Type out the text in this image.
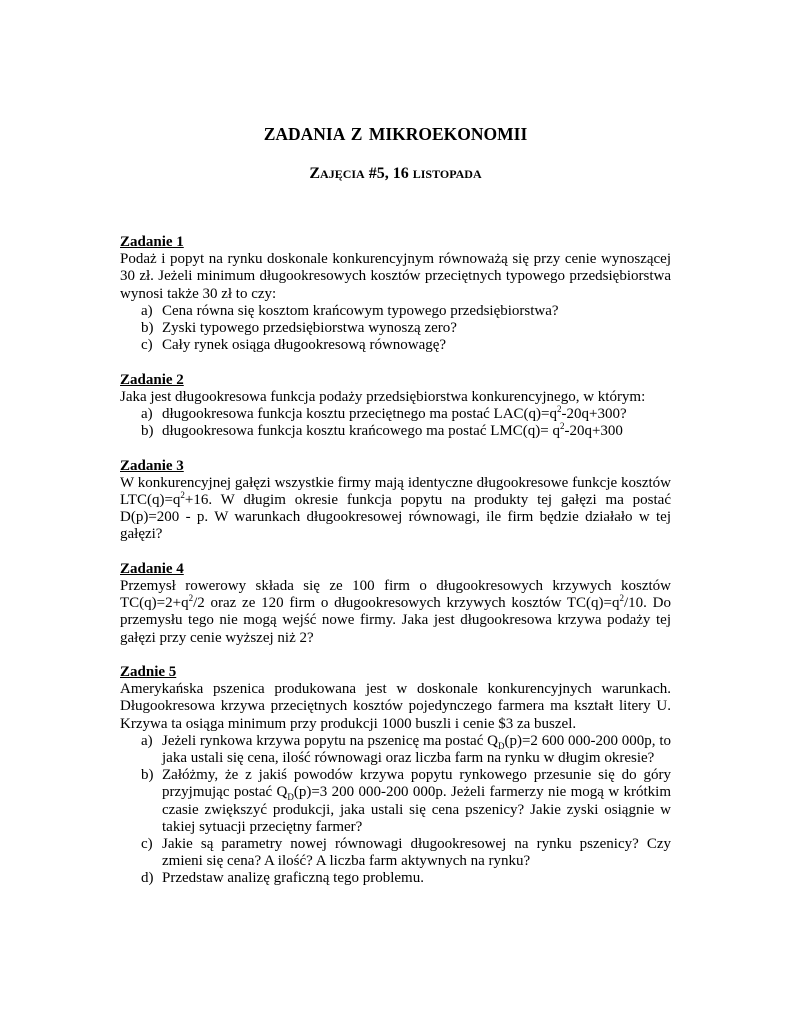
ZADANIA Z MIKROEKONOMII
ZAJĘCIA #5, 16 LISTOPADA
Zadanie 1
Podaż i popyt na rynku doskonale konkurencyjnym równoważą się przy cenie wynoszącej 30 zł. Jeżeli minimum długookresowych kosztów przeciętnych typowego przedsiębiorstwa wynosi także 30 zł to czy:
a) Cena równa się kosztom krańcowym typowego przedsiębiorstwa?
b) Zyski typowego przedsiębiorstwa wynoszą zero?
c) Cały rynek osiąga długookresową równowagę?
Zadanie 2
Jaka jest długookresowa funkcja podaży przedsiębiorstwa konkurencyjnego, w którym:
a) długookresowa funkcja kosztu przeciętnego ma postać $LAC(q)=q^2-20q+300$?
b) długookresowa funkcja kosztu krańcowego ma postać $LMC(q)= q^2-20q+300$
Zadanie 3
W konkurencyjnej gałęzi wszystkie firmy mają identyczne długookresowe funkcje kosztów $LTC(q)=q^2+16$. W długim okresie funkcja popytu na produkty tej gałęzi ma postać D(p)=200 - p. W warunkach długookresowej równowagi, ile firm będzie działało w tej gałęzi?
Zadanie 4
Przemysł rowerowy składa się ze 100 firm o długookresowych krzywych kosztów $TC(q)=2+q^2/2$ oraz ze 120 firm o długookresowych krzywych kosztów $TC(q)=q^2/10$. Do przemysłu tego nie mogą wejść nowe firmy. Jaka jest długookresowa krzywa podaży tej gałęzi przy cenie wyższej niż 2?
Zadnie 5
Amerykańska pszenica produkowana jest w doskonale konkurencyjnych warunkach. Długookresowa krzywa przeciętnych kosztów pojedynczego farmera ma kształt litery U. Krzywa ta osiąga minimum przy produkcji 1000 buszli i cenie $3 za buszel.
a) Jeżeli rynkowa krzywa popytu na pszenicę ma postać $Q_D(p)=2$ 600 000-200 000p, to jaka ustali się cena, ilość równowagi oraz liczba farm na rynku w długim okresie?
b) Załóżmy, że z jakiś powodów krzywa popytu rynkowego przesunie się do góry przyjmując postać $Q_D(p)=3$ 200 000-200 000p. Jeżeli farmerzy nie mogą w krótkim czasie zwiększyć produkcji, jaka ustali się cena pszenicy? Jakie zyski osiągnie w takiej sytuacji przeciętny farmer?
c) Jakie są parametry nowej równowagi długookresowej na rynku pszenicy? Czy zmieni się cena? A ilość? A liczba farm aktywnych na rynku?
d) Przedstaw analizę graficzną tego problemu.
